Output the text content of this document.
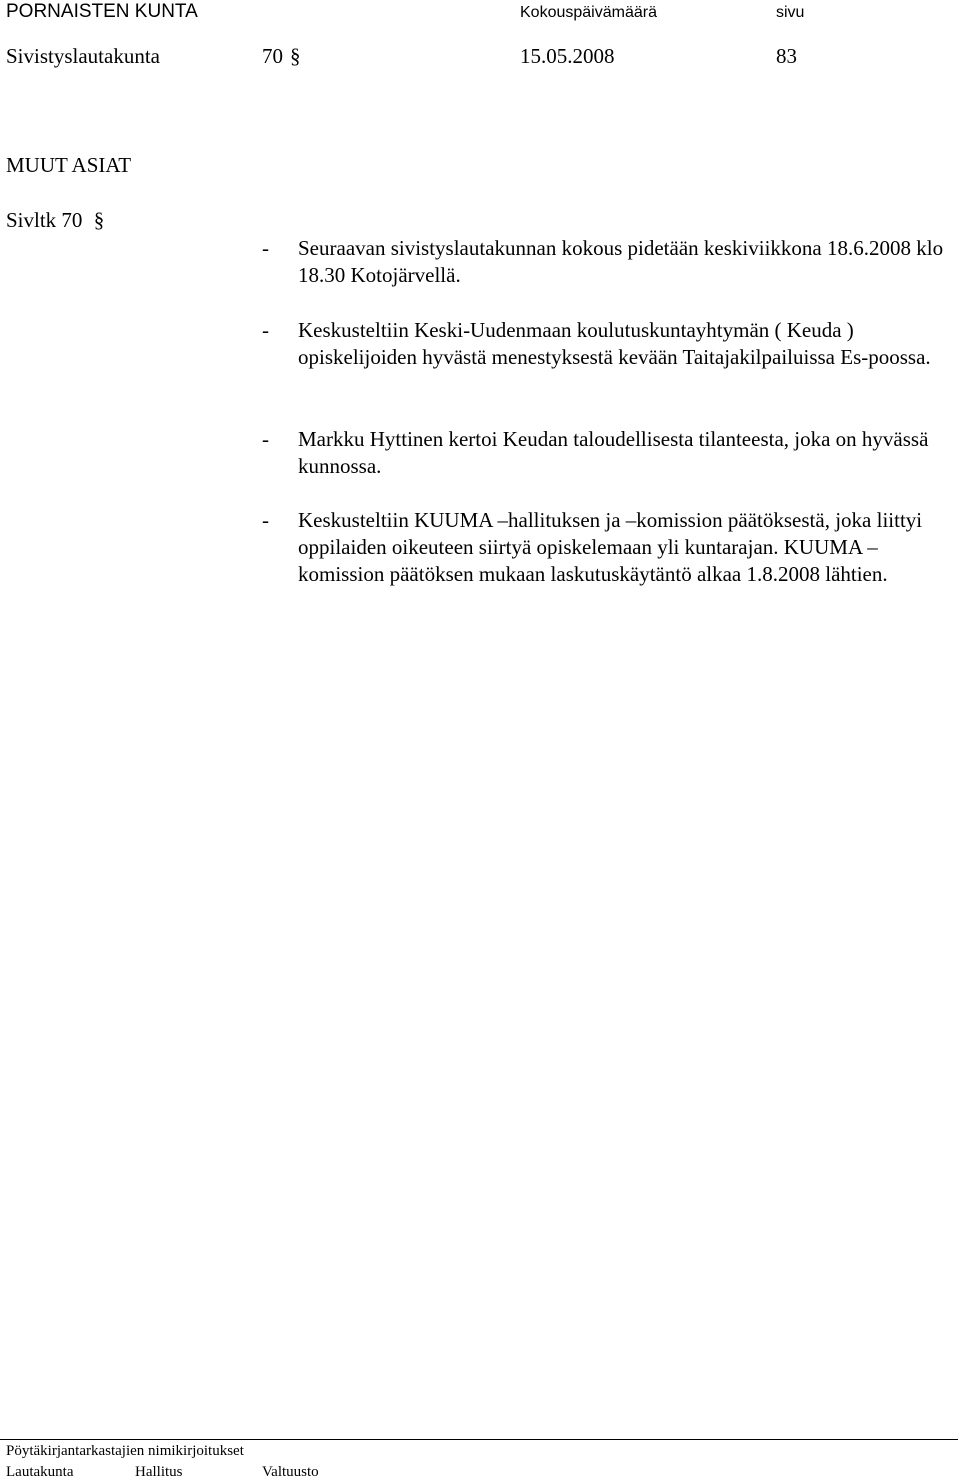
PORNAISTEN KUNTA	Kokouspäivämäärä	sivu
Sivistyslautakunta	70 §	15.05.2008	83
MUUT ASIAT
Sivltk 70 §
- Seuraavan sivistyslautakunnan kokous pidetään keskiviikkona 18.6.2008 klo 18.30 Kotojärvellä.
- Keskusteltiin Keski-Uudenmaan koulutuskuntayhtymän ( Keuda ) opiskelijoiden hyvästä menestyksestä kevään Taitajakilpailuissa Es-poossa.
- Markku Hyttinen kertoi Keudan taloudellisesta tilanteesta, joka on hyvässä kunnossa.
- Keskusteltiin KUUMA –hallituksen ja –komission päätöksestä, joka liittyi oppilaiden oikeuteen siirtyä opiskelemaan yli kuntarajan. KUUMA –komission päätöksen mukaan laskutuskäytäntö alkaa 1.8.2008 lähtien.
Pöytäkirjantarkastajien nimikirjoitukset
Lautakunta	Hallitus	Valtuusto
